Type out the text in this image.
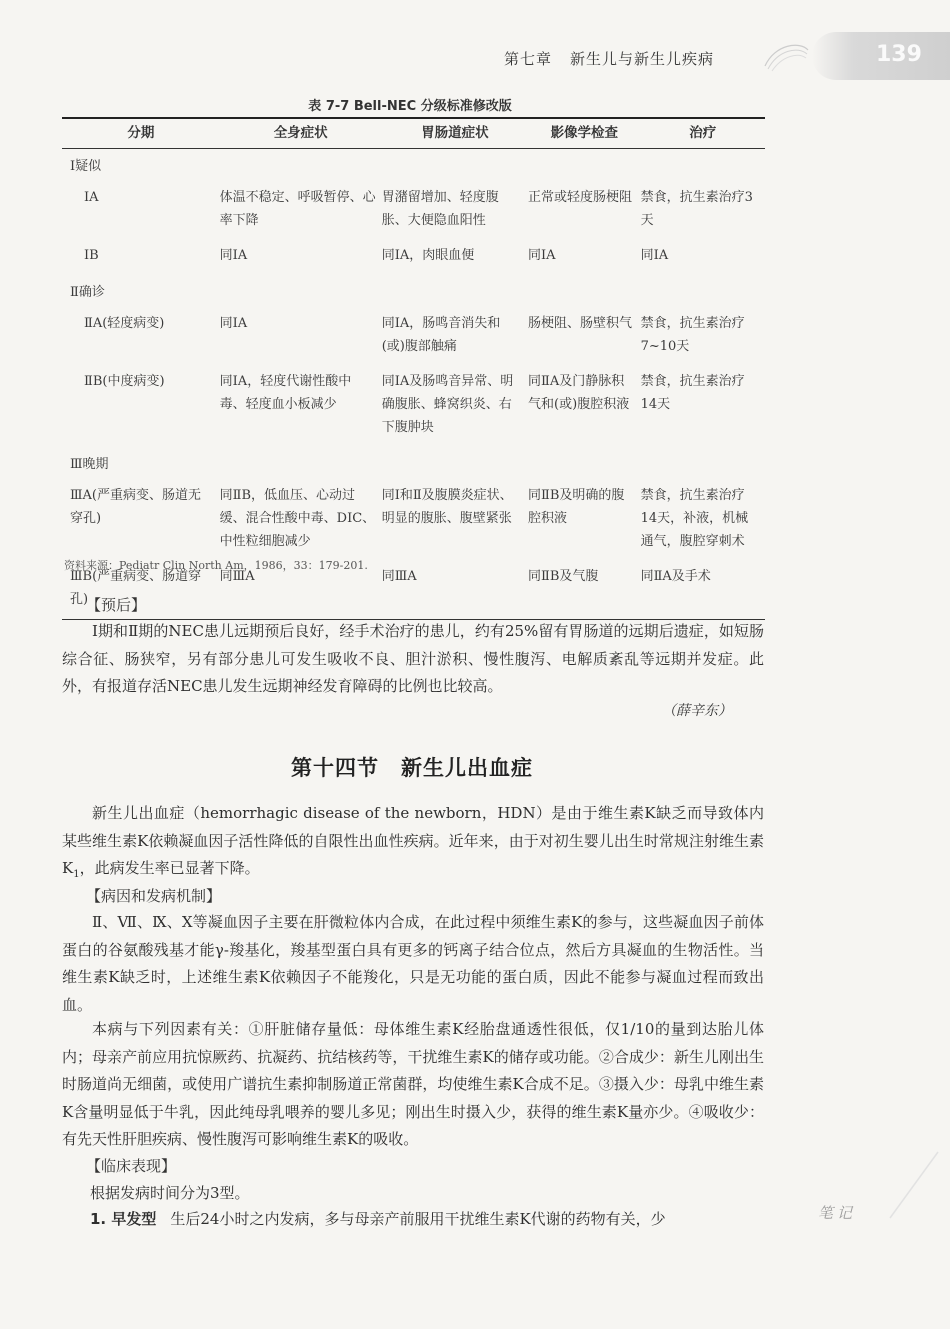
第七章 新生儿与新生儿疾病	139
表 7-7 Bell-NEC 分级标准修改版
分期	全身症状	胃肠道症状	影像学检查	治疗
Ⅰ疑似				
ⅠA	体温不稳定、呼吸暂停、心率下降	胃潴留增加、轻度腹胀、大便隐血阳性	正常或轻度肠梗阻	禁食，抗生素治疗3天
ⅠB	同ⅠA	同ⅠA，肉眼血便	同ⅠA	同ⅠA
Ⅱ确诊				
ⅡA(轻度病变)	同ⅠA	同ⅠA，肠鸣音消失和(或)腹部触痛	肠梗阻、肠壁积气	禁食，抗生素治疗7~10天
ⅡB(中度病变)	同ⅠA，轻度代谢性酸中毒、轻度血小板减少	同ⅠA及肠鸣音异常、明确腹胀、蜂窝织炎、右下腹肿块	同ⅡA及门静脉积气和(或)腹腔积液	禁食，抗生素治疗14天
Ⅲ晚期				
ⅢA(严重病变、肠道无穿孔)	同ⅡB，低血压、心动过缓、混合性酸中毒、DIC、中性粒细胞减少	同Ⅰ和Ⅱ及腹膜炎症状、明显的腹胀、腹壁紧张	同ⅡB及明确的腹腔积液	禁食，抗生素治疗14天，补液，机械通气，腹腔穿刺术
ⅢB(严重病变、肠道穿孔)	同ⅢA	同ⅢA	同ⅡB及气腹	同ⅡA及手术
资料来源：Pediatr Clin North Am，1986，33：179-201.
【预后】

Ⅰ期和Ⅱ期的NEC患儿远期预后良好，经手术治疗的患儿，约有25%留有胃肠道的远期后遗症，如短肠综合征、肠狭窄，另有部分患儿可发生吸收不良、胆汁淤积、慢性腹泻、电解质紊乱等远期并发症。此外，有报道存活NEC患儿发生远期神经发育障碍的比例也比较高。

（薛辛东）
第十四节 新生儿出血症

新生儿出血症（hemorrhagic disease of the newborn，HDN）是由于维生素K缺乏而导致体内某些维生素K依赖凝血因子活性降低的自限性出血性疾病。近年来，由于对初生婴儿出生时常规注射维生素$K_1$，此病发生率已显著下降。

【病因和发病机制】

Ⅱ、Ⅶ、Ⅸ、Ⅹ等凝血因子主要在肝微粒体内合成，在此过程中须维生素K的参与，这些凝血因子前体蛋白的谷氨酸残基才能γ-羧基化，羧基型蛋白具有更多的钙离子结合位点，然后方具凝血的生物活性。当维生素K缺乏时，上述维生素K依赖因子不能羧化，只是无功能的蛋白质，因此不能参与凝血过程而致出血。

本病与下列因素有关：①肝脏储存量低：母体维生素K经胎盘通透性很低，仅1/10的量到达胎儿体内；母亲产前应用抗惊厥药、抗凝药、抗结核药等，干扰维生素K的储存或功能。②合成少：新生儿刚出生时肠道尚无细菌，或使用广谱抗生素抑制肠道正常菌群，均使维生素K合成不足。③摄入少：母乳中维生素K含量明显低于牛乳，因此纯母乳喂养的婴儿多见；刚出生时摄入少，获得的维生素K量亦少。④吸收少：有先天性肝胆疾病、慢性腹泻可影响维生素K的吸收。

【临床表现】
根据发病时间分为3型。
1. 早发型 生后24小时之内发病，多与母亲产前服用干扰维生素K代谢的药物有关，少	笔记
